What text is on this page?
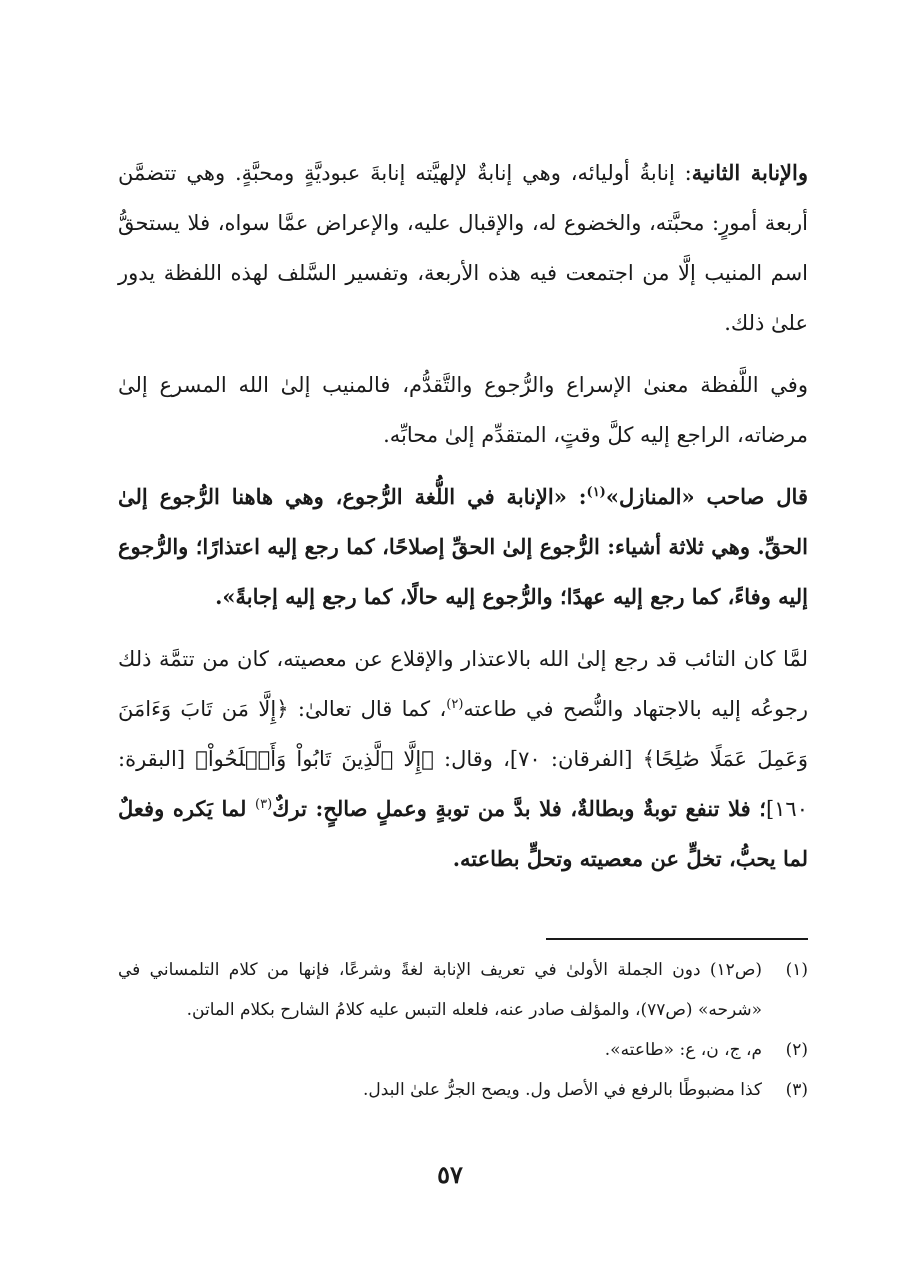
والإنابة الثانية: إنابةُ أوليائه، وهي إنابةٌ لإلهيَّته إنابةَ عبوديَّةٍ ومحبَّةٍ. وهي تتضمَّن أربعة أمورٍ: محبَّته، والخضوع له، والإقبال عليه، والإعراض عمَّا سواه، فلا يستحقُّ اسم المنيب إلَّا من اجتمعت فيه هذه الأربعة، وتفسير السَّلف لهذه اللفظة يدور علىٰ ذلك.

وفي اللَّفظة معنىٰ الإسراع والرُّجوع والتَّقدُّم، فالمنيب إلىٰ الله المسرع إلىٰ مرضاته، الراجع إليه كلَّ وقتٍ، المتقدِّم إلىٰ محابِّه.

قال صاحب «المنازل»$^{(١)}$: «الإنابة في اللُّغة الرُّجوع، وهي هاهنا الرُّجوع إلىٰ الحقِّ. وهي ثلاثة أشياء: الرُّجوع إلىٰ الحقِّ إصلاحًا، كما رجع إليه اعتذارًا؛ والرُّجوع إليه وفاءً، كما رجع إليه عهدًا؛ والرُّجوع إليه حالًا، كما رجع إليه إجابةً».

لمَّا كان التائب قد رجع إلىٰ الله بالاعتذار والإقلاع عن معصيته، كان من تتمَّة ذلك رجوعُه إليه بالاجتهاد والنُّصح في طاعته$^{(٢)}$، كما قال تعالىٰ: ﴿إِلَّا مَن تَابَ وَءَامَنَ وَعَمِلَ عَمَلًا صَٰلِحًا﴾ [الفرقان: ٧٠]، وقال: ﴿إِلَّا ٱلَّذِينَ تَابُواْ وَأَصۡلَحُواْ﴾ [البقرة: ١٦٠]؛ فلا تنفع توبةٌ وبطالةٌ، فلا بدَّ من توبةٍ وعملٍ صالحٍ: تركٌ$^{(٣)}$ لما يَكره وفعلٌ لما يحبُّ، تخلٍّ عن معصيته وتحلٍّ بطاعته.

(١)
(ص١٢) دون الجملة الأولىٰ في تعريف الإنابة لغةً وشرعًا، فإنها من كلام التلمساني في «شرحه» (ص٧٧)، والمؤلف صادر عنه، فلعله التبس عليه كلامُ الشارح بكلام الماتن.
(٢)
م، ج، ن، ع: «طاعته».
(٣)
كذا مضبوطًا بالرفع في الأصل ول. ويصح الجرُّ علىٰ البدل.
٥٧
